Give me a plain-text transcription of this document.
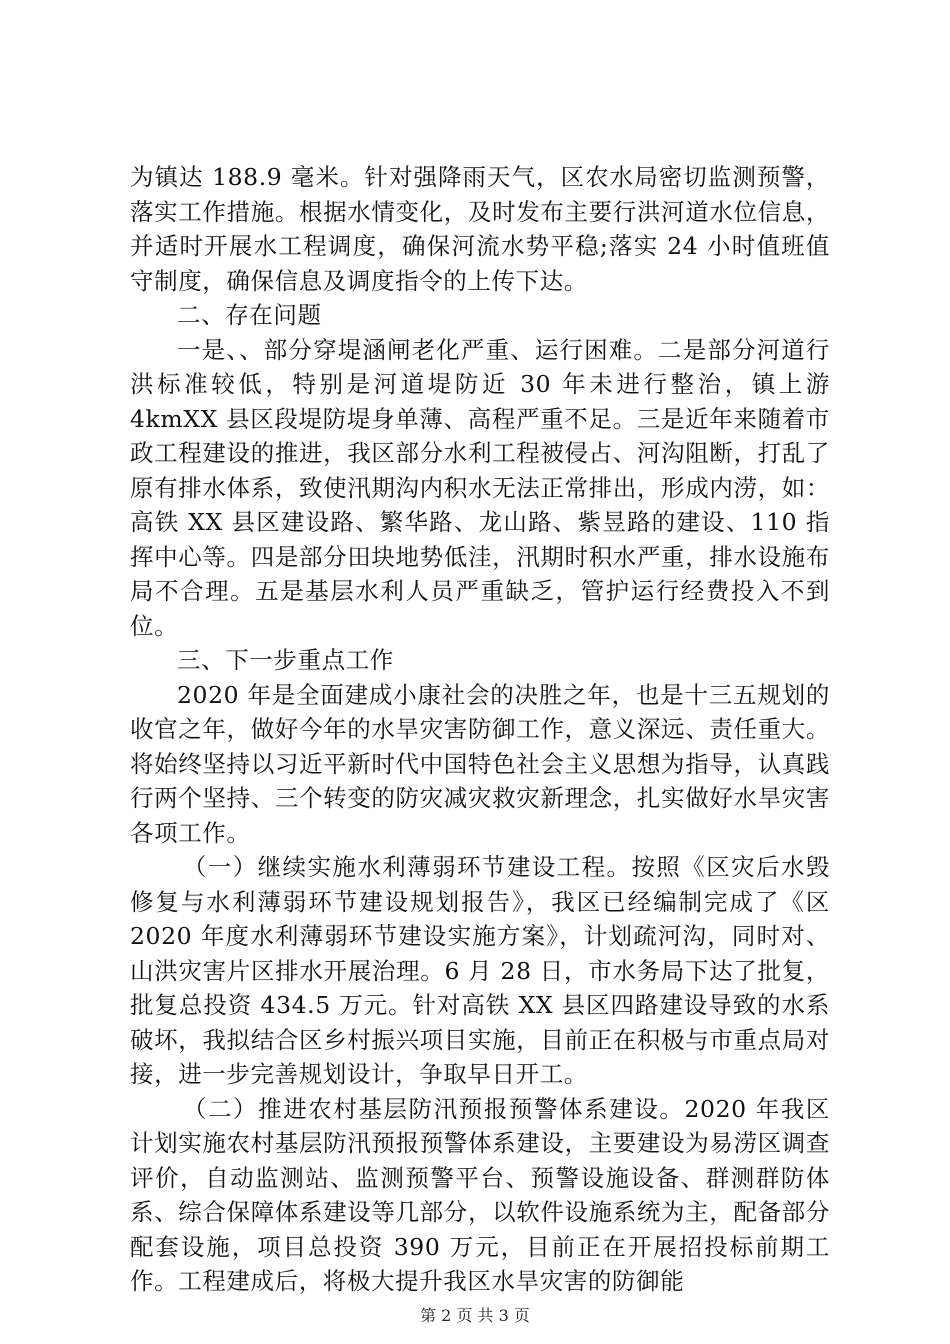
为镇达 188.9 毫米。针对强降雨天气，区农水局密切监测预警，落实工作措施。根据水情变化，及时发布主要行洪河道水位信息，并适时开展水工程调度，确保河流水势平稳;落实 24 小时值班值守制度，确保信息及调度指令的上传下达。

二、存在问题

一是、、部分穿堤涵闸老化严重、运行困难。二是部分河道行洪标准较低，特别是河道堤防近 30 年未进行整治，镇上游 4kmXX 县区段堤防堤身单薄、高程严重不足。三是近年来随着市政工程建设的推进，我区部分水利工程被侵占、河沟阻断，打乱了原有排水体系，致使汛期沟内积水无法正常排出，形成内涝，如：高铁 XX 县区建设路、繁华路、龙山路、紫昱路的建设、110 指挥中心等。四是部分田块地势低洼，汛期时积水严重，排水设施布局不合理。五是基层水利人员严重缺乏，管护运行经费投入不到位。

三、下一步重点工作

2020 年是全面建成小康社会的决胜之年，也是十三五规划的收官之年，做好今年的水旱灾害防御工作，意义深远、责任重大。将始终坚持以习近平新时代中国特色社会主义思想为指导，认真践行两个坚持、三个转变的防灾减灾救灾新理念，扎实做好水旱灾害各项工作。

（一）继续实施水利薄弱环节建设工程。按照《区灾后水毁修复与水利薄弱环节建设规划报告》，我区已经编制完成了《区 2020 年度水利薄弱环节建设实施方案》，计划疏河沟，同时对、山洪灾害片区排水开展治理。6 月 28 日，市水务局下达了批复，批复总投资 434.5 万元。针对高铁 XX 县区四路建设导致的水系破坏，我拟结合区乡村振兴项目实施，目前正在积极与市重点局对接，进一步完善规划设计，争取早日开工。

（二）推进农村基层防汛预报预警体系建设。2020 年我区计划实施农村基层防汛预报预警体系建设，主要建设为易涝区调查评价，自动监测站、监测预警平台、预警设施设备、群测群防体系、综合保障体系建设等几部分，以软件设施系统为主，配备部分配套设施，项目总投资 390 万元，目前正在开展招投标前期工作。工程建成后，将极大提升我区水旱灾害的防御能

第 2 页 共 3 页
